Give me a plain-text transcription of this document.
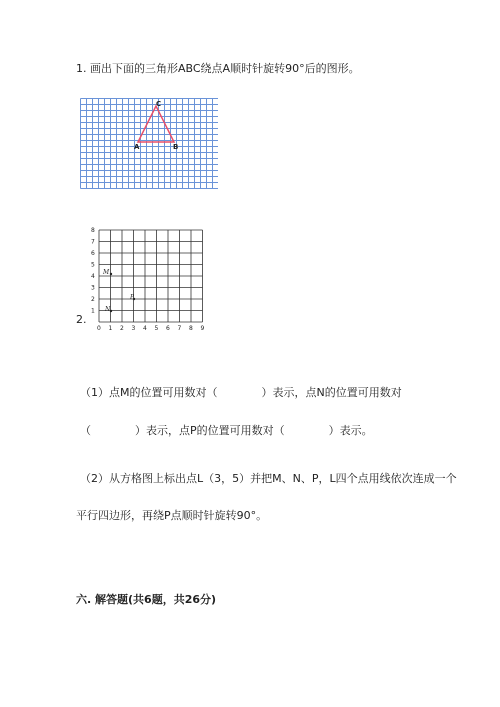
1. 画出下面的三角形ABC绕点A顺时针旋转90°后的图形。
A	B
C
2.
0 1 2 3 4 5 6 7 8 9
1
2
3
4
5
6
7
8
M
N
P
（1）点M的位置可用数对（　　　　）表示，点N的位置可用数对
（　　　　）表示，点P的位置可用数对（　　　　）表示。
（2）从方格图上标出点L（3，5）并把M、N、P，L四个点用线依次连成一个
平行四边形，再绕P点顺时针旋转90°。
六. 解答题(共6题，共26分)
